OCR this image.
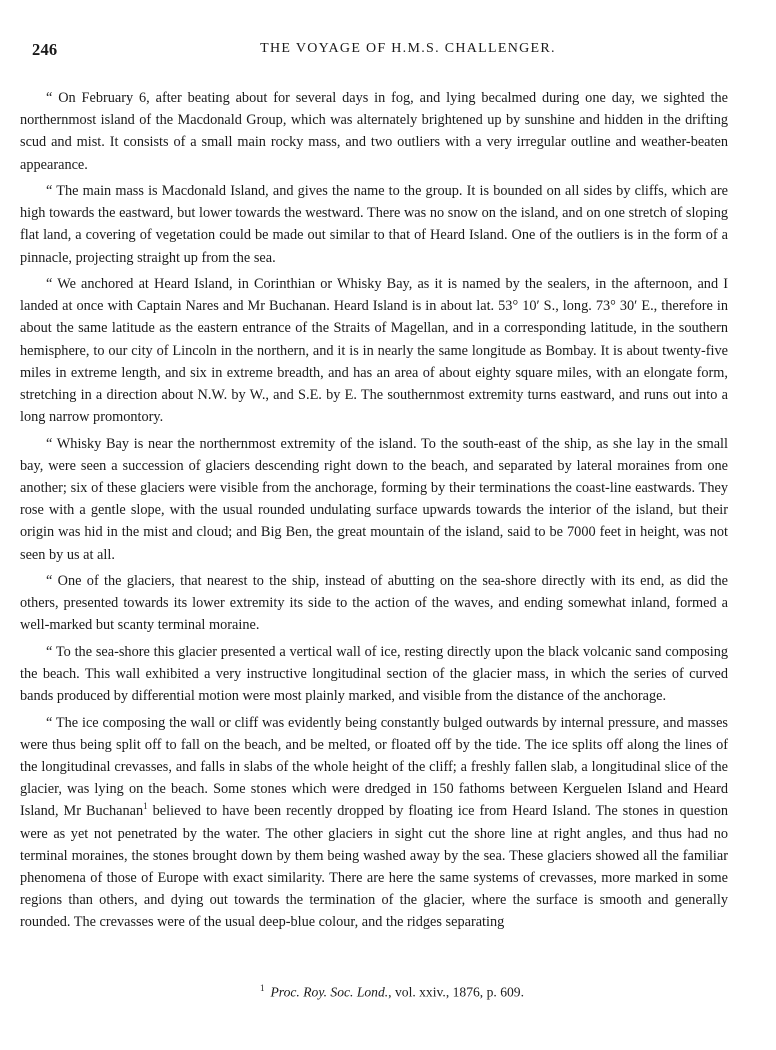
246	THE VOYAGE OF H.M.S. CHALLENGER.

“ On February 6, after beating about for several days in fog, and lying becalmed during one day, we sighted the northernmost island of the Macdonald Group, which was alternately brightened up by sunshine and hidden in the drifting scud and mist. It consists of a small main rocky mass, and two outliers with a very irregular outline and weather-beaten appearance.

“ The main mass is Macdonald Island, and gives the name to the group. It is bounded on all sides by cliffs, which are high towards the eastward, but lower towards the westward. There was no snow on the island, and on one stretch of sloping flat land, a covering of vegetation could be made out similar to that of Heard Island. One of the outliers is in the form of a pinnacle, projecting straight up from the sea.

“ We anchored at Heard Island, in Corinthian or Whisky Bay, as it is named by the sealers, in the afternoon, and I landed at once with Captain Nares and Mr Buchanan. Heard Island is in about lat. 53° 10′ S., long. 73° 30′ E., therefore in about the same latitude as the eastern entrance of the Straits of Magellan, and in a corresponding latitude, in the southern hemisphere, to our city of Lincoln in the northern, and it is in nearly the same longitude as Bombay. It is about twenty-five miles in extreme length, and six in extreme breadth, and has an area of about eighty square miles, with an elongate form, stretching in a direction about N.W. by W., and S.E. by E. The southernmost extremity turns eastward, and runs out into a long narrow promontory.

“ Whisky Bay is near the northernmost extremity of the island. To the south-east of the ship, as she lay in the small bay, were seen a succession of glaciers descending right down to the beach, and separated by lateral moraines from one another; six of these glaciers were visible from the anchorage, forming by their terminations the coast-line eastwards. They rose with a gentle slope, with the usual rounded undulating surface upwards towards the interior of the island, but their origin was hid in the mist and cloud; and Big Ben, the great mountain of the island, said to be 7000 feet in height, was not seen by us at all.

“ One of the glaciers, that nearest to the ship, instead of abutting on the sea-shore directly with its end, as did the others, presented towards its lower extremity its side to the action of the waves, and ending somewhat inland, formed a well-marked but scanty terminal moraine.

“ To the sea-shore this glacier presented a vertical wall of ice, resting directly upon the black volcanic sand composing the beach. This wall exhibited a very instructive longitudinal section of the glacier mass, in which the series of curved bands produced by differential motion were most plainly marked, and visible from the distance of the anchorage.

“ The ice composing the wall or cliff was evidently being constantly bulged outwards by internal pressure, and masses were thus being split off to fall on the beach, and be melted, or floated off by the tide. The ice splits off along the lines of the longitudinal crevasses, and falls in slabs of the whole height of the cliff; a freshly fallen slab, a longitudinal slice of the glacier, was lying on the beach. Some stones which were dredged in 150 fathoms between Kerguelen Island and Heard Island, Mr Buchanan$^1$ believed to have been recently dropped by floating ice from Heard Island. The stones in question were as yet not penetrated by the water. The other glaciers in sight cut the shore line at right angles, and thus had no terminal moraines, the stones brought down by them being washed away by the sea. These glaciers showed all the familiar phenomena of those of Europe with exact similarity. There are here the same systems of crevasses, more marked in some regions than others, and dying out towards the termination of the glacier, where the surface is smooth and generally rounded. The crevasses were of the usual deep-blue colour, and the ridges separating

$^1$ Proc. Roy. Soc. Lond., vol. xxiv., 1876, p. 609.
